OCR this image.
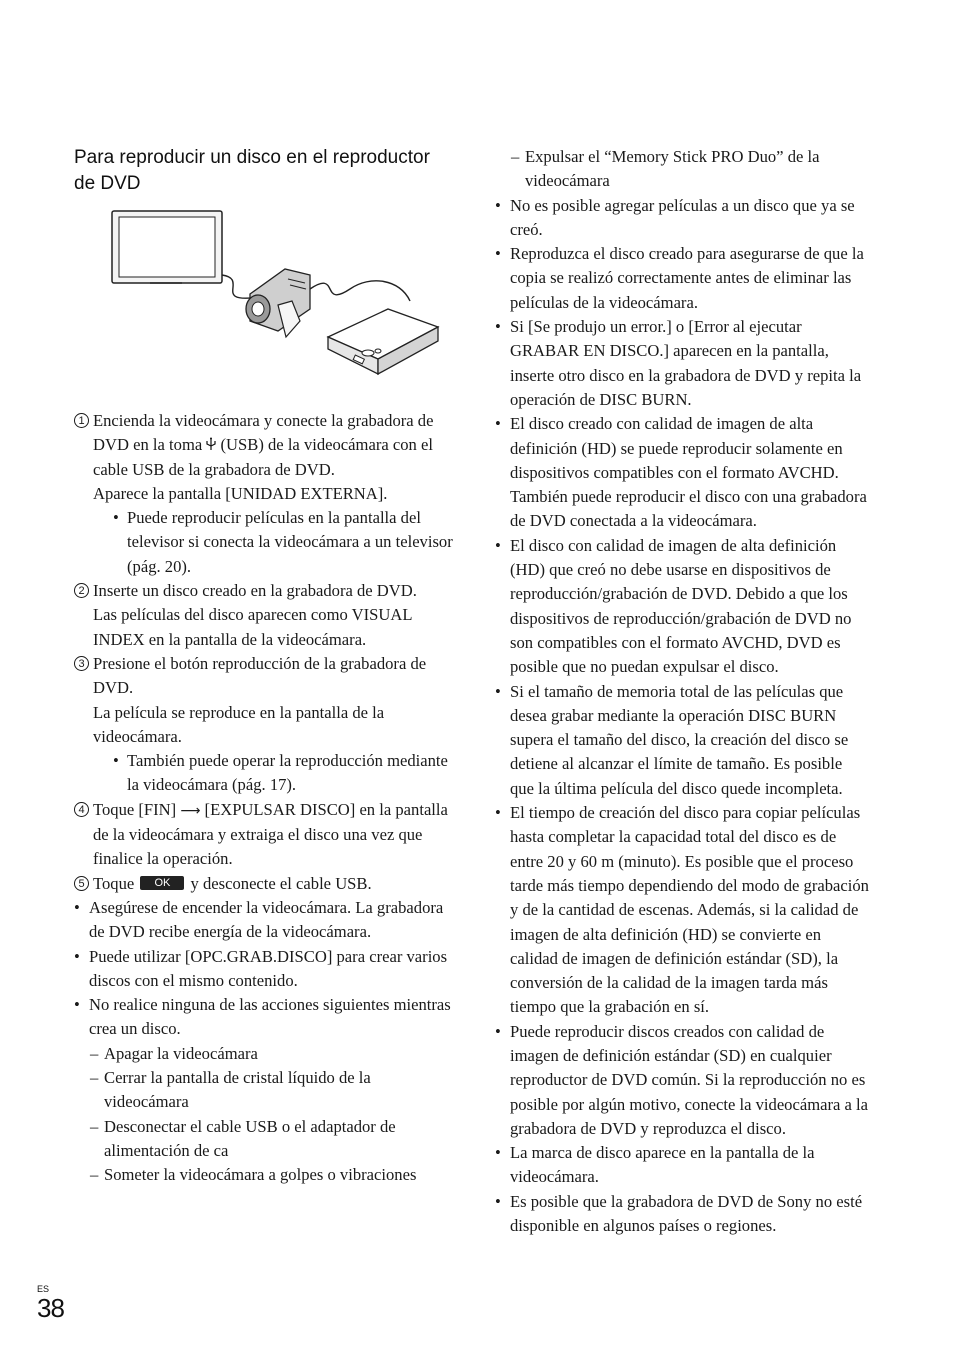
Para reproducir un disco en el reproductor de DVD
1 Encienda la videocámara y conecte la grabadora de DVD en la toma  (USB) de la videocámara con el cable USB de la grabadora de DVD.
Aparece la pantalla [UNIDAD EXTERNA].
• Puede reproducir películas en la pantalla del televisor si conecta la videocámara a un televisor (pág. 20).
2 Inserte un disco creado en la grabadora de DVD.
Las películas del disco aparecen como VISUAL INDEX en la pantalla de la videocámara.
3 Presione el botón reproducción de la grabadora de DVD.
La película se reproduce en la pantalla de la videocámara.
• También puede operar la reproducción mediante la videocámara (pág. 17).
4 Toque [FIN] ⟶ [EXPULSAR DISCO] en la pantalla de la videocámara y extraiga el disco una vez que finalice la operación.
5 Toque OK y desconecte el cable USB.
• Asegúrese de encender la videocámara. La grabadora de DVD recibe energía de la videocámara.
• Puede utilizar [OPC.GRAB.DISCO] para crear varios discos con el mismo contenido.
• No realice ninguna de las acciones siguientes mientras crea un disco.
– Apagar la videocámara
– Cerrar la pantalla de cristal líquido de la videocámara
– Desconectar el cable USB o el adaptador de alimentación de ca
– Someter la videocámara a golpes o vibraciones
– Expulsar el “Memory Stick PRO Duo” de la videocámara
• No es posible agregar películas a un disco que ya se creó.
• Reproduzca el disco creado para asegurarse de que la copia se realizó correctamente antes de eliminar las películas de la videocámara.
• Si [Se produjo un error.] o [Error al ejecutar GRABAR EN DISCO.] aparecen en la pantalla, inserte otro disco en la grabadora de DVD y repita la operación de DISC BURN.
• El disco creado con calidad de imagen de alta definición (HD) se puede reproducir solamente en dispositivos compatibles con el formato AVCHD. También puede reproducir el disco con una grabadora de DVD conectada a la videocámara.
• El disco con calidad de imagen de alta definición (HD) que creó no debe usarse en dispositivos de reproducción/grabación de DVD. Debido a que los dispositivos de reproducción/grabación de DVD no son compatibles con el formato AVCHD, DVD es posible que no puedan expulsar el disco.
• Si el tamaño de memoria total de las películas que desea grabar mediante la operación DISC BURN supera el tamaño del disco, la creación del disco se detiene al alcanzar el límite de tamaño. Es posible que la última película del disco quede incompleta.
• El tiempo de creación del disco para copiar películas hasta completar la capacidad total del disco es de entre 20 y 60 m (minuto). Es posible que el proceso tarde más tiempo dependiendo del modo de grabación y de la cantidad de escenas. Además, si la calidad de imagen de alta definición (HD) se convierte en calidad de imagen de definición estándar (SD), la conversión de la calidad de la imagen tarda más tiempo que la grabación en sí.
• Puede reproducir discos creados con calidad de imagen de definición estándar (SD) en cualquier reproductor de DVD común. Si la reproducción no es posible por algún motivo, conecte la videocámara a la grabadora de DVD y reproduzca el disco.
• La marca de disco aparece en la pantalla de la videocámara.
• Es posible que la grabadora de DVD de Sony no esté disponible en algunos países o regiones.
ES
38
